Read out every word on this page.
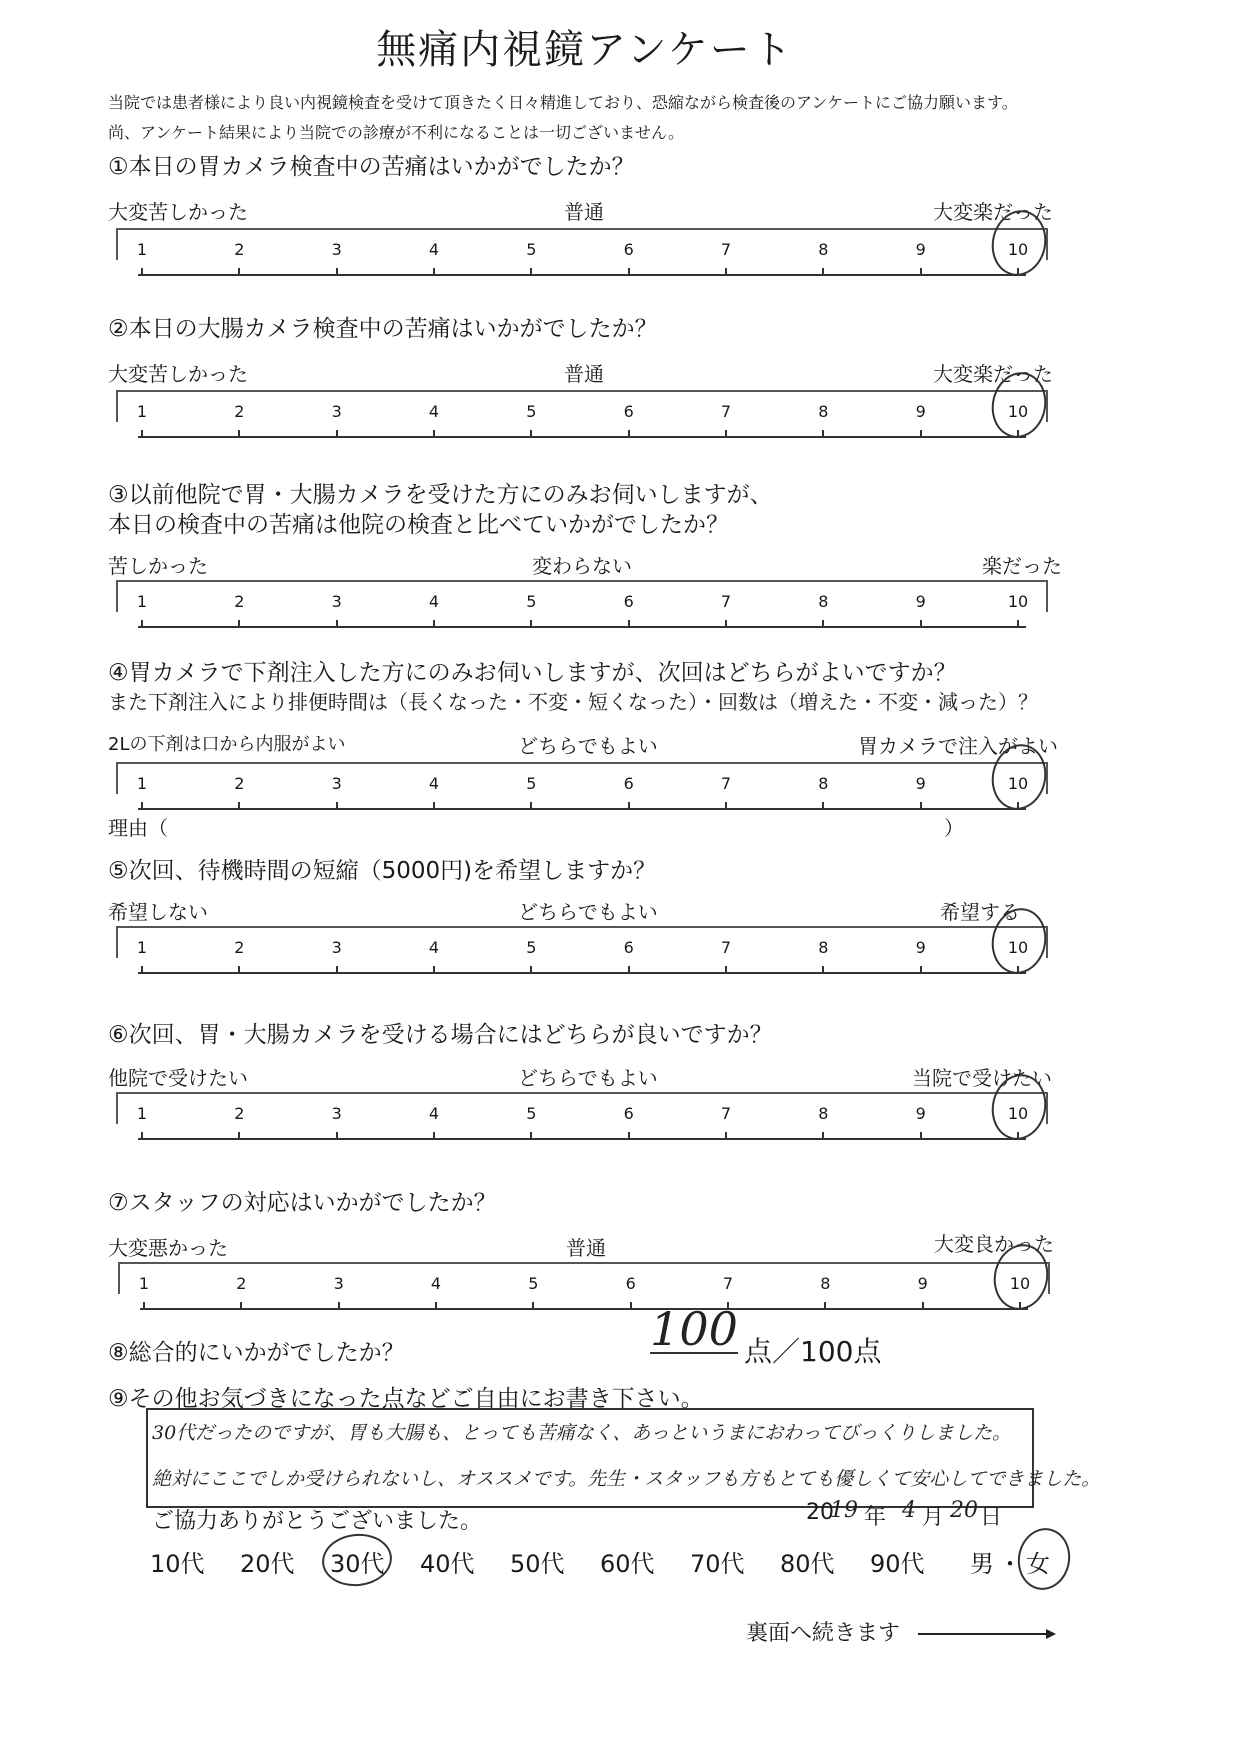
無痛内視鏡アンケート
当院では患者様により良い内視鏡検査を受けて頂きたく日々精進しており、恐縮ながら検査後のアンケートにご協力願います。
尚、アンケート結果により当院での診療が不利になることは一切ございません。
①本日の胃カメラ検査中の苦痛はいかがでしたか？
大変苦しかった	普通	大変楽だった
1	2	3	4	5	6	7	8	9	10
②本日の大腸カメラ検査中の苦痛はいかがでしたか？
大変苦しかった	普通	大変楽だった
1	2	3	4	5	6	7	8	9	10
③以前他院で胃・大腸カメラを受けた方にのみお伺いしますが、
本日の検査中の苦痛は他院の検査と比べていかがでしたか？
苦しかった	変わらない	楽だった
1	2	3	4	5	6	7	8	9	10
④胃カメラで下剤注入した方にのみお伺いしますが、次回はどちらがよいですか？
また下剤注入により排便時間は（長くなった・不変・短くなった）・回数は（増えた・不変・減った）？
2Lの下剤は口から内服がよい	どちらでもよい	胃カメラで注入がよい
1	2	3	4	5	6	7	8	9	10
理由（	）
⑤次回、待機時間の短縮（5000円)を希望しますか？
希望しない	どちらでもよい	希望する
1	2	3	4	5	6	7	8	9	10
⑥次回、胃・大腸カメラを受ける場合にはどちらが良いですか？
他院で受けたい	どちらでもよい	当院で受けたい
1	2	3	4	5	6	7	8	9	10
⑦スタッフの対応はいかがでしたか？
大変悪かった	普通	大変良かった
1	2	3	4	5	6	7	8	9	10
⑧総合的にいかがでしたか？	100 点／100点
⑨その他お気づきになった点などご自由にお書き下さい。
30代だったのですが、胃も大腸も、とっても苦痛なく、あっというまにおわってびっくりしました。
絶対にここでしか受けられないし、オススメです。先生・スタッフも方もとても優しくて安心してできました。
ご協力ありがとうございました。	20
19 年 4 月 20 日
10代 20代 30代 40代 50代 60代 70代 80代 90代 男 ・ 女
裏面へ続きます
